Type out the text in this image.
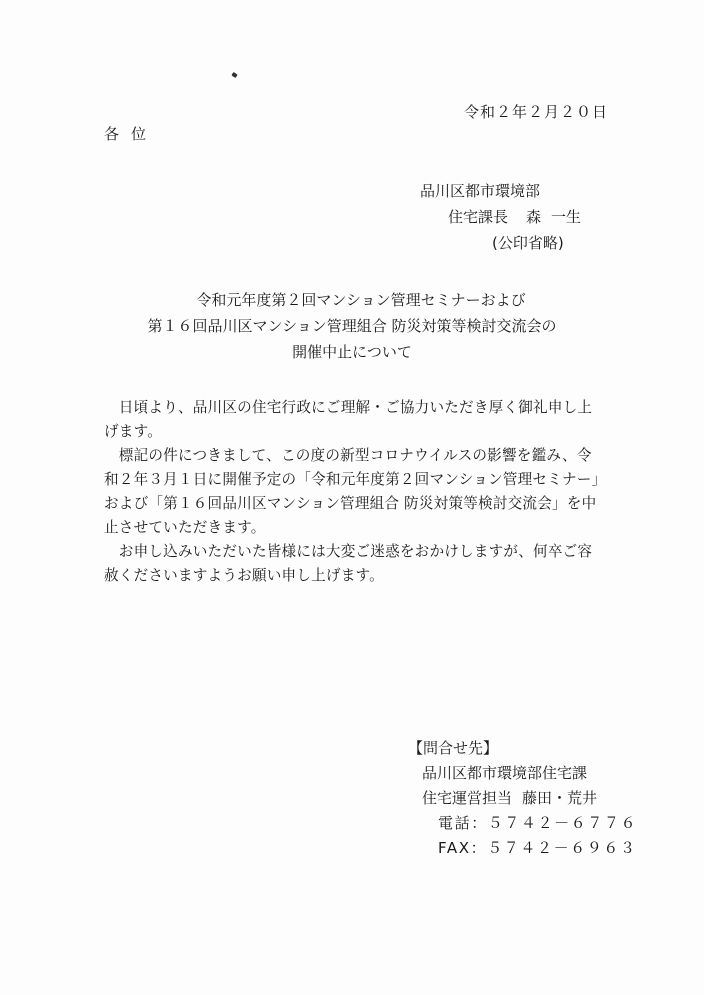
令和２年２月２０日
各位
品川区都市環境部
住宅課長 森 一生
(公印省略)
令和元年度第２回マンション管理セミナーおよび
第１６回品川区マンション管理組合 防災対策等検討交流会の
開催中止について

　日頃より、品川区の住宅行政にご理解・ご協力いただき厚く御礼申し上げます。

　標記の件につきまして、この度の新型コロナウイルスの影響を鑑み、令和２年３月１日に開催予定の「令和元年度第２回マンション管理セミナー」および「第１６回品川区マンション管理組合 防災対策等検討交流会」を中止させていただきます。

　お申し込みいただいた皆様には大変ご迷惑をおかけしますが、何卒ご容赦くださいますようお願い申し上げます。

【問合せ先】
品川区都市環境部住宅課
住宅運営担当 藤田・荒井
電話：５７４２－６７７６
FAX：５７４２－６９６３
